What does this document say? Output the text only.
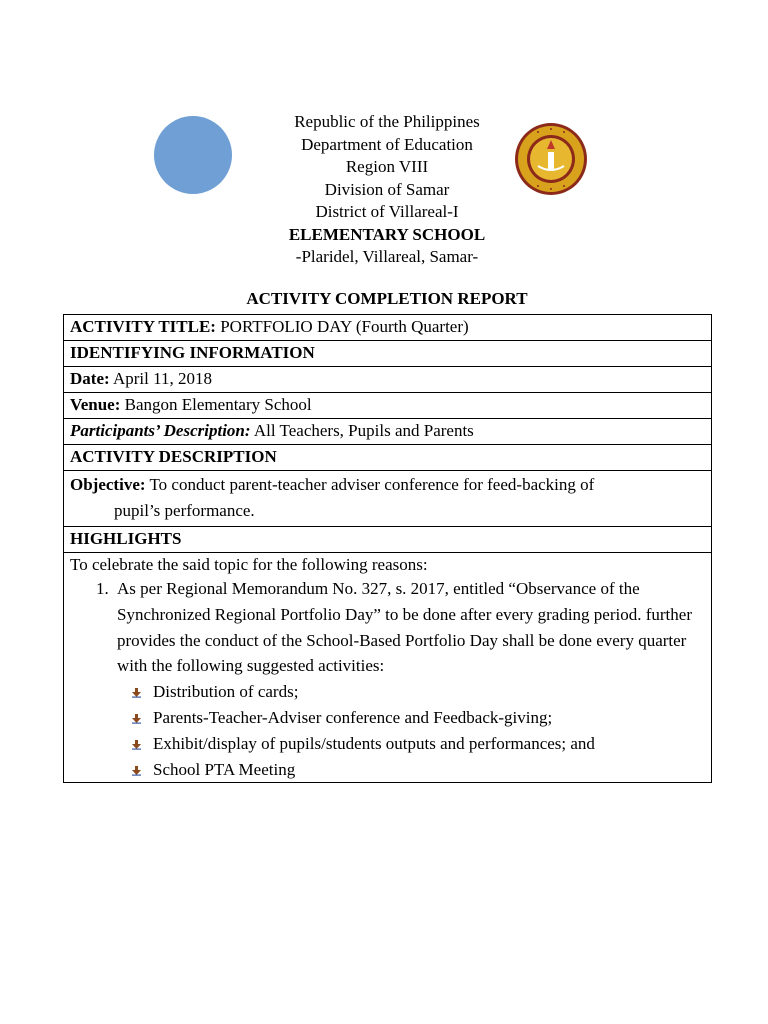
Republic of the Philippines
Department of Education
Region VIII
Division of Samar
District of Villareal-I
ELEMENTARY SCHOOL
-Plaridel, Villareal, Samar-
ACTIVITY COMPLETION REPORT
ACTIVITY TITLE: PORTFOLIO DAY (Fourth Quarter)
IDENTIFYING INFORMATION
Date: April 11, 2018
Venue: Bangon Elementary School
Participants’ Description: All Teachers, Pupils and Parents
ACTIVITY DESCRIPTION
Objective: To conduct parent-teacher adviser conference for feed-backing of
pupil’s performance.

HIGHLIGHTS

To celebrate the said topic for the following reasons:
1. As per Regional Memorandum No. 327, s. 2017, entitled “Observance of the Synchronized Regional Portfolio Day” to be done after every grading period. further provides the conduct of the School-Based Portfolio Day shall be done every quarter with the following suggested activities:
Distribution of cards;
Parents-Teacher-Adviser conference and Feedback-giving;
Exhibit/display of pupils/students outputs and performances; and
School PTA Meeting
